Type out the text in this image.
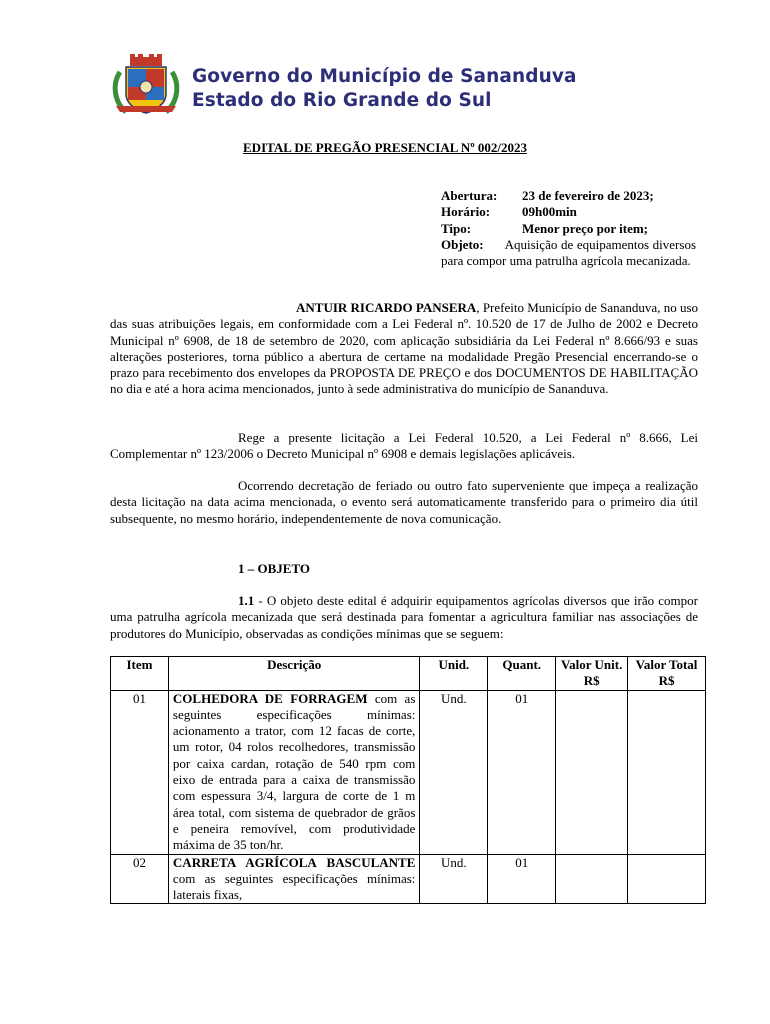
Governo do Município de Sananduva
Estado do Rio Grande do Sul
EDITAL DE PREGÃO PRESENCIAL Nº 002/2023
Abertura:	23 de fevereiro de 2023;
Horário:	09h00min
Tipo:	Menor preço por item;
Objeto: Aquisição de equipamentos diversos para compor uma patrulha agrícola mecanizada.

ANTUIR RICARDO PANSERA, Prefeito Município de Sananduva, no uso das suas atribuições legais, em conformidade com a Lei Federal nº. 10.520 de 17 de Julho de 2002 e Decreto Municipal nº 6908, de 18 de setembro de 2020, com aplicação subsidiária da Lei Federal nº 8.666/93 e suas alterações posteriores, torna público a abertura de certame na modalidade Pregão Presencial encerrando-se o prazo para recebimento dos envelopes da PROPOSTA DE PREÇO e dos DOCUMENTOS DE HABILITAÇÃO no dia e até a hora acima mencionados, junto à sede administrativa do município de Sananduva.

Rege a presente licitação a Lei Federal 10.520, a Lei Federal nº 8.666, Lei Complementar nº 123/2006 o Decreto Municipal nº 6908 e demais legislações aplicáveis.

Ocorrendo decretação de feriado ou outro fato superveniente que impeça a realização desta licitação na data acima mencionada, o evento será automaticamente transferido para o primeiro dia útil subsequente, no mesmo horário, independentemente de nova comunicação.

1 – OBJETO

1.1 - O objeto deste edital é adquirir equipamentos agrícolas diversos que irão compor uma patrulha agrícola mecanizada que será destinada para fomentar a agricultura familiar nas associações de produtores do Município, observadas as condições mínimas que se seguem:

Item	Descrição	Unid.	Quant.	Valor Unit. R$	Valor Total R$
01	COLHEDORA DE FORRAGEM com as seguintes especificações mínimas: acionamento a trator, com 12 facas de corte, um rotor, 04 rolos recolhedores, transmissão por caixa cardan, rotação de 540 rpm com eixo de entrada para a caixa de transmissão com espessura 3/4, largura de corte de 1 m área total, com sistema de quebrador de grãos e peneira removível, com produtividade máxima de 35 ton/hr.	Und.	01		
02	CARRETA AGRÍCOLA BASCULANTE com as seguintes especificações mínimas: laterais fixas,	Und.	01		
